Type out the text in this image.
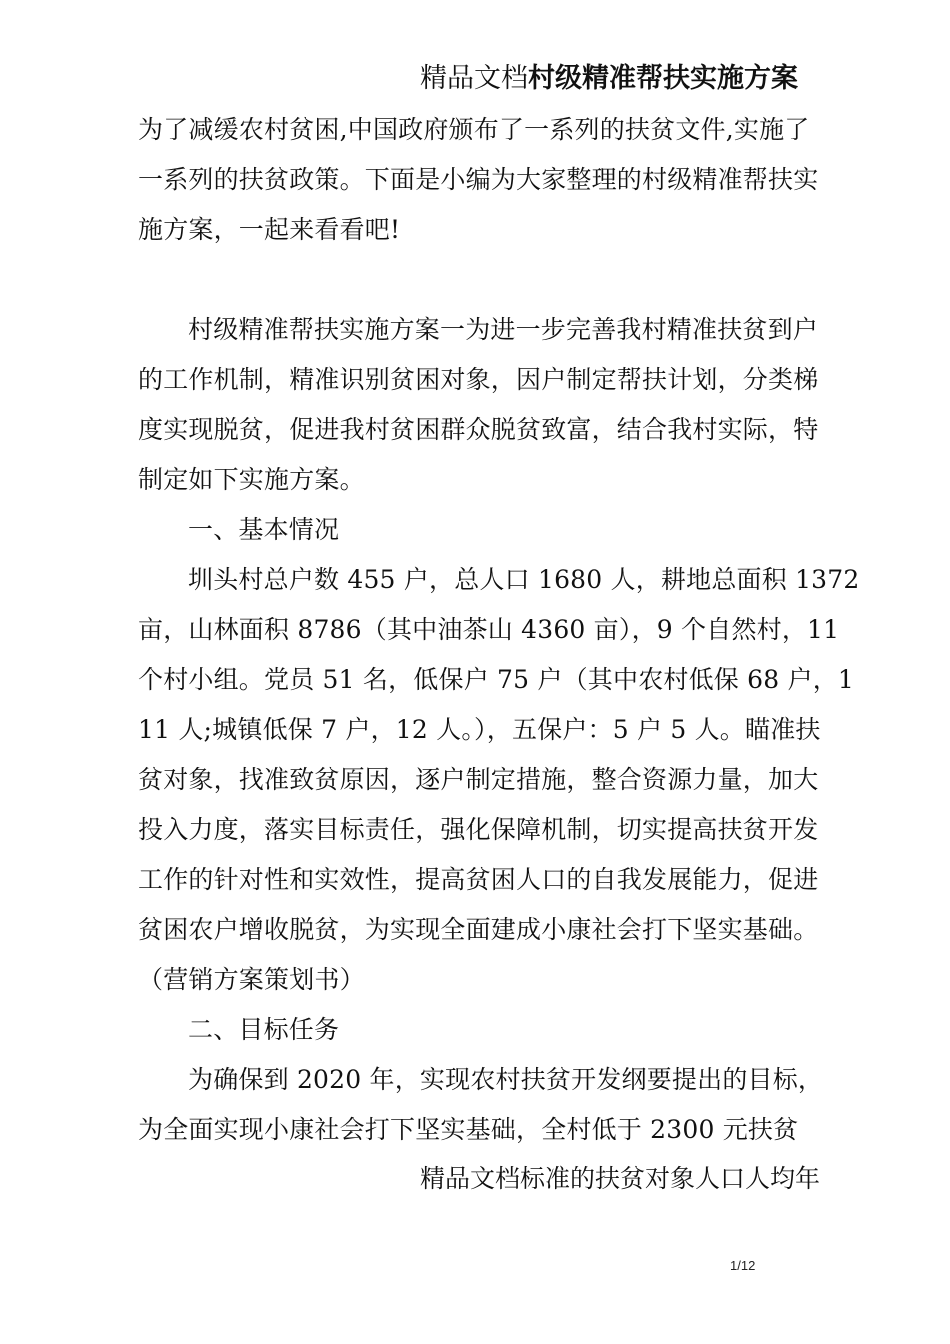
精品文档村级精准帮扶实施方案
为了减缓农村贫困,中国政府颁布了一系列的扶贫文件,实施了
一系列的扶贫政策。下面是小编为大家整理的村级精准帮扶实
施方案，一起来看看吧!
村级精准帮扶实施方案一为进一步完善我村精准扶贫到户
的工作机制，精准识别贫困对象，因户制定帮扶计划，分类梯
度实现脱贫，促进我村贫困群众脱贫致富，结合我村实际，特
制定如下实施方案。
一、基本情况
圳头村总户数 455 户，总人口 1680 人，耕地总面积 1372
亩，山林面积 8786（其中油茶山 4360 亩），9 个自然村，11
个村小组。党员 51 名，低保户 75 户（其中农村低保 68 户，1
11 人;城镇低保 7 户，12 人。），五保户：5 户 5 人。瞄准扶
贫对象，找准致贫原因，逐户制定措施，整合资源力量，加大
投入力度，落实目标责任，强化保障机制，切实提高扶贫开发
工作的针对性和实效性，提高贫困人口的自我发展能力，促进
贫困农户增收脱贫，为实现全面建成小康社会打下坚实基础。
（营销方案策划书）
二、目标任务
为确保到 2020 年，实现农村扶贫开发纲要提出的目标，
为全面实现小康社会打下坚实基础，全村低于 2300 元扶贫
精品文档标准的扶贫对象人口人均年
1/12
